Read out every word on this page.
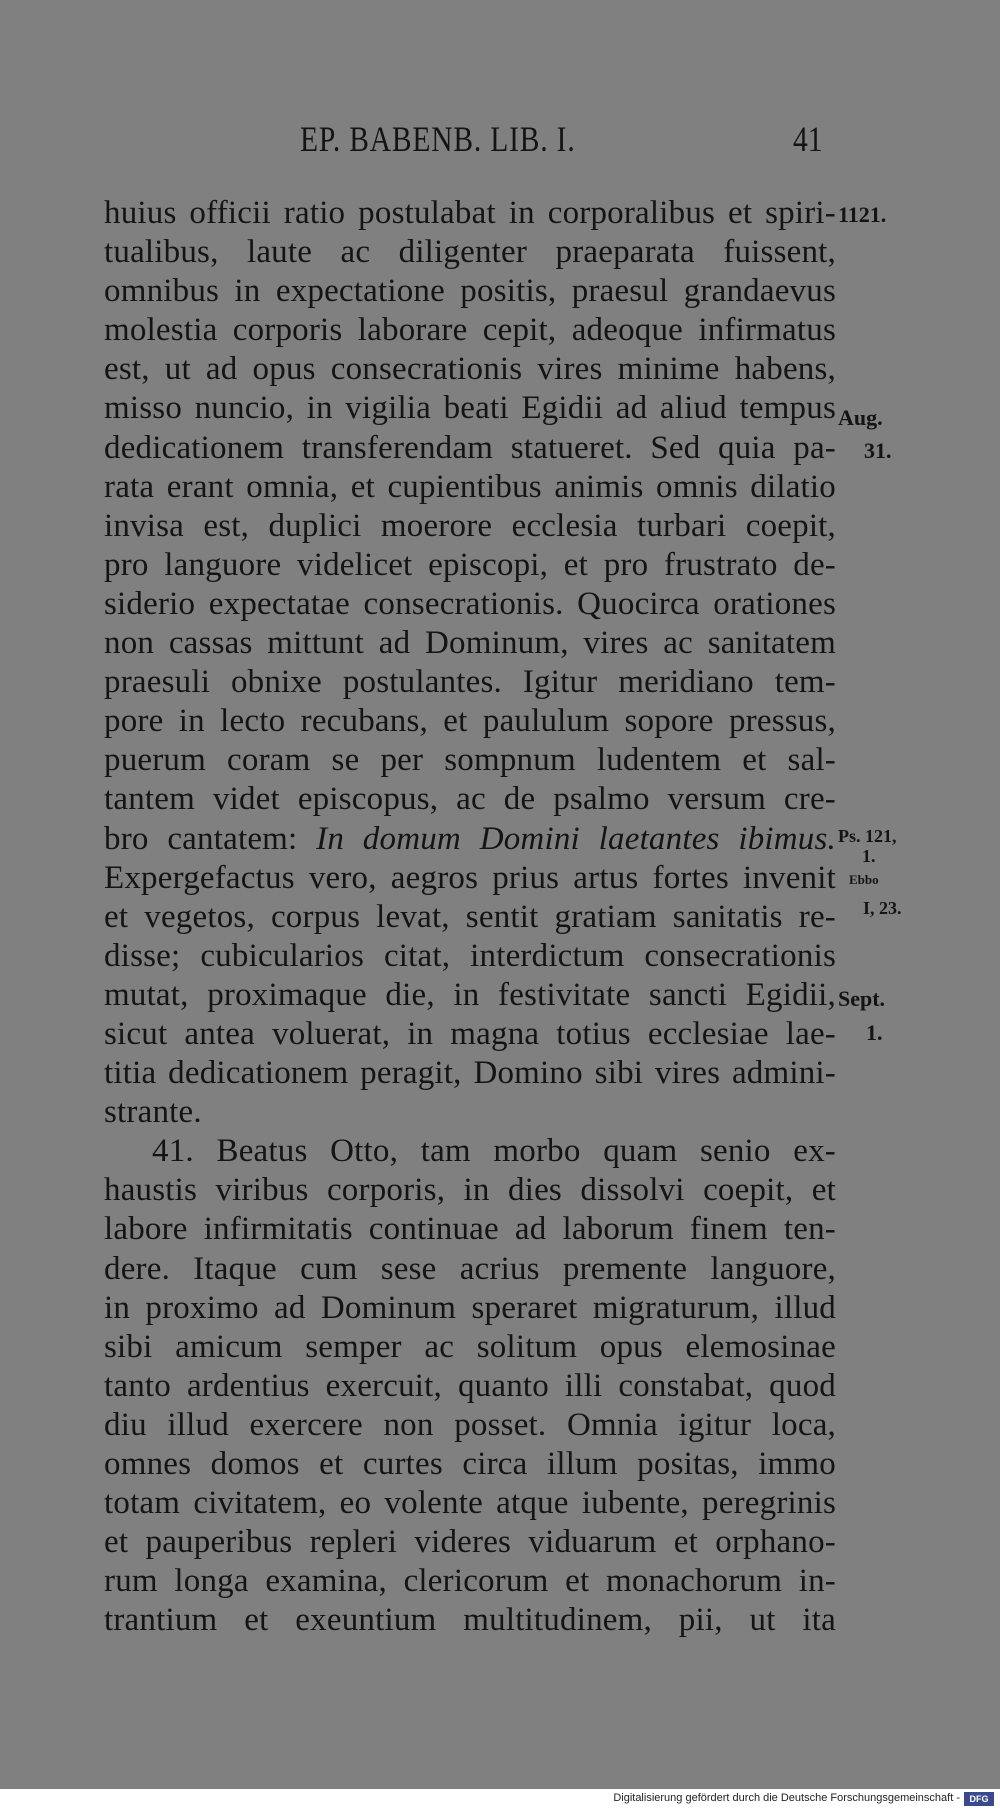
EP. BABENB. LIB. I.	41
huius officii ratio postulabat in corporalibus et spiri-
tualibus, laute ac diligenter praeparata fuissent,
omnibus in expectatione positis, praesul grandaevus
molestia corporis laborare cepit, adeoque infirmatus
est, ut ad opus consecrationis vires minime habens,
misso nuncio, in vigilia beati Egidii ad aliud tempus
dedicationem transferendam statueret. Sed quia pa-
rata erant omnia, et cupientibus animis omnis dilatio
invisa est, duplici moerore ecclesia turbari coepit,
pro languore videlicet episcopi, et pro frustrato de-
siderio expectatae consecrationis. Quocirca orationes
non cassas mittunt ad Dominum, vires ac sanitatem
praesuli obnixe postulantes. Igitur meridiano tem-
pore in lecto recubans, et paululum sopore pressus,
puerum coram se per sompnum ludentem et sal-
tantem videt episcopus, ac de psalmo versum cre-
bro cantatem: In domum Domini laetantes ibimus.
Expergefactus vero, aegros prius artus fortes invenit
et vegetos, corpus levat, sentit gratiam sanitatis re-
disse; cubicularios citat, interdictum consecrationis
mutat, proximaque die, in festivitate sancti Egidii,
sicut antea voluerat, in magna totius ecclesiae lae-
titia dedicationem peragit, Domino sibi vires admini-
strante.
41. Beatus Otto, tam morbo quam senio ex-
haustis viribus corporis, in dies dissolvi coepit, et
labore infirmitatis continuae ad laborum finem ten-
dere. Itaque cum sese acrius premente languore,
in proximo ad Dominum speraret migraturum, illud
sibi amicum semper ac solitum opus elemosinae
tanto ardentius exercuit, quanto illi constabat, quod
diu illud exercere non posset. Omnia igitur loca,
omnes domos et curtes circa illum positas, immo
totam civitatem, eo volente atque iubente, peregrinis
et pauperibus repleri videres viduarum et orphano-
rum longa examina, clericorum et monachorum in-
trantium et exeuntium multitudinem, pii, ut ita
1121.
Aug.
31.
Ps. 121,
1.
Ebbo
I, 23.
Sept.
1.
Digitalisierung gefördert durch die Deutsche Forschungsgemeinschaft -	DFG
